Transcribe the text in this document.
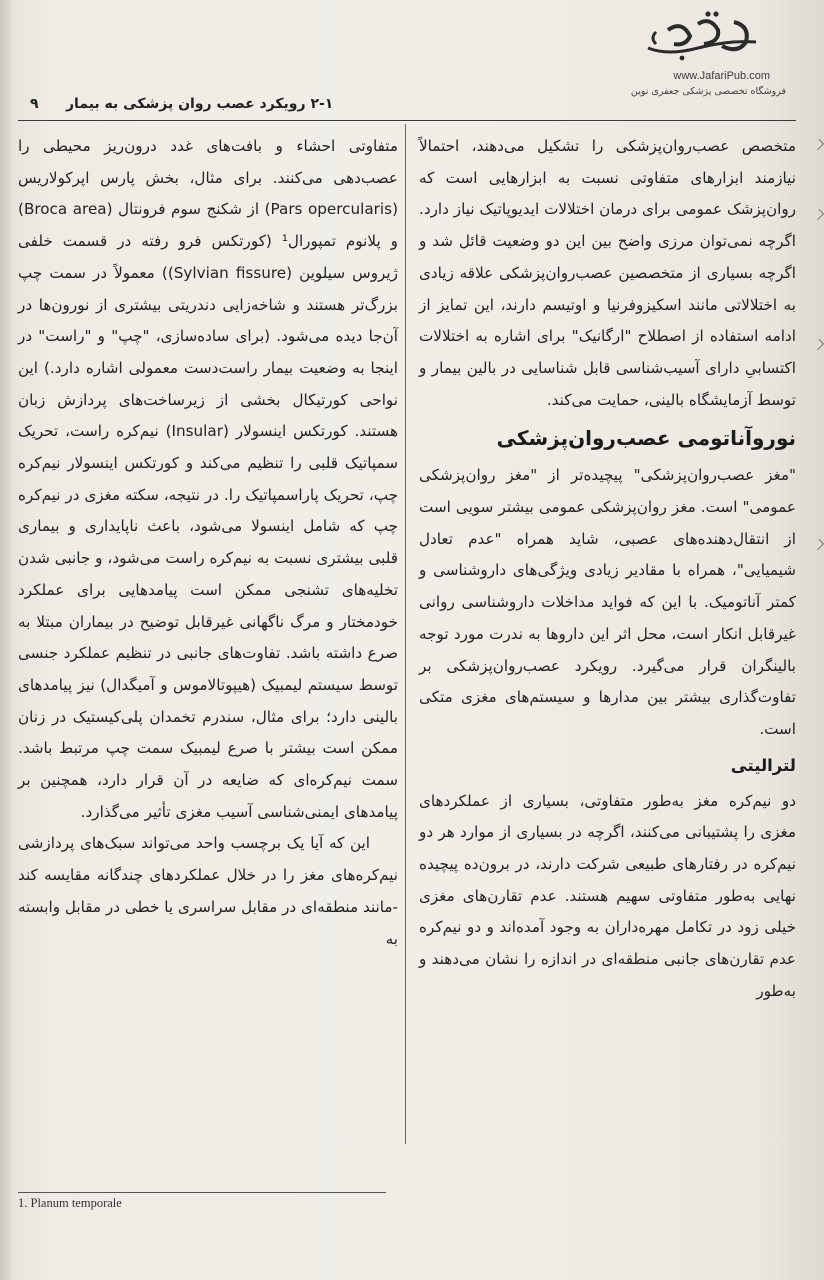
www.JafariPub.com
فروشگاه تخصصی پزشکی جعفری نوین
۹ ۲-۱ رویکرد عصب روان پزشکی به بیمار

متخصص عصب‌روان‌پزشکی را تشکیل می‌دهند، احتمالاً نیازمند ابزارهای متفاوتی نسبت به ابزارهایی است که روان‌پزشک عمومی برای درمان اختلالات ایدیوپاتیک نیاز دارد. اگرچه نمی‌توان مرزی واضح بین این دو وضعیت قائل شد و اگرچه بسیاری از متخصصین عصب‌روان‌پزشکی علاقه زیادی به اختلالاتی مانند اسکیزوفرنیا و اوتیسم دارند، این تمایز از ادامه استفاده از اصطلاح "ارگانیک" برای اشاره به اختلالات اکتسابیِ دارای آسیب‌شناسی قابل شناسایی در بالین بیمار و توسط آزمایشگاه بالینی، حمایت می‌کند.

نوروآناتومی عصب‌روان‌پزشکی

"مغز عصب‌روان‌پزشکی" پیچیده‌تر از "مغز روان‌پزشکی عمومی" است. مغز روان‌پزشکی عمومی بیشتر سویی است از انتقال‌دهنده‌های عصبی، شاید همراه "عدم تعادل شیمیایی"، همراه با مقادیر زیادی ویژگی‌های داروشناسی و کمتر آناتومیک. با این که فواید مداخلات داروشناسی روانی غیرقابل انکار است، محل اثر این داروها به ندرت مورد توجه بالینگران قرار می‌گیرد. رویکرد عصب‌روان‌پزشکی بر تفاوت‌گذاری بیشتر بین مدارها و سیستم‌های مغزی متکی است.

لترالیتی

دو نیم‌کره مغز به‌طور متفاوتی، بسیاری از عملکردهای مغزی را پشتیبانی می‌کنند، اگرچه در بسیاری از موارد هر دو نیم‌کره در رفتارهای طبیعی شرکت دارند، در برون‌ده پیچیده نهایی به‌طور متفاوتی سهیم هستند. عدم تقارن‌های مغزی خیلی زود در تکامل مهره‌داران به وجود آمده‌اند و دو نیم‌کره عدم تقارن‌های جانبی منطقه‌ای در اندازه را نشان می‌دهند و به‌طور

متفاوتی احشاء و بافت‌های غدد درون‌ریز محیطی را عصب‌دهی می‌کنند. برای مثال، بخش پارس اپرکولاریس (Pars opercularis) از شکنج سوم فرونتال (Broca area) و پلانوم تمپورال¹ (کورتکس فرو رفته در قسمت خلفی ژیروس سیلوین (Sylvian fissure)) معمولاً در سمت چپ بزرگ‌تر هستند و شاخه‌زایی دندریتی بیشتری از نورون‌ها در آن‌جا دیده می‌شود. (برای ساده‌سازی، "چپ" و "راست" در اینجا به وضعیت بیمار راست‌دست معمولی اشاره دارد.) این نواحی کورتیکال بخشی از زیرساخت‌های پردازش زبان هستند. کورتکس اینسولار (Insular) نیم‌کره راست، تحریک سمپاتیک قلبی را تنظیم می‌کند و کورتکس اینسولار نیم‌کره چپ، تحریک پاراسمپاتیک را. در نتیجه، سکته مغزی در نیم‌کره چپ که شامل اینسولا می‌شود، باعث ناپایداری و بیماری قلبی بیشتری نسبت به نیم‌کره راست می‌شود، و جانبی شدن تخلیه‌های تشنجی ممکن است پیامدهایی برای عملکرد خودمختار و مرگ ناگهانی غیرقابل توضیح در بیماران مبتلا به صرع داشته باشد. تفاوت‌های جانبی در تنظیم عملکرد جنسی توسط سیستم لیمبیک (هیپوتالاموس و آمیگدال) نیز پیامدهای بالینی دارد؛ برای مثال، سندرم تخمدان پلی‌کیستیک در زنان ممکن است بیشتر با صرع لیمبیک سمت چپ مرتبط باشد. سمت نیم‌کره‌ای که ضایعه در آن قرار دارد، همچنین بر پیامدهای ایمنی‌شناسی آسیب مغزی تأثیر می‌گذارد.

این که آیا یک برچسب واحد می‌تواند سبک‌های پردازشی نیم‌کره‌های مغز را در خلال عملکردهای چندگانه مقایسه کند -مانند منطقه‌ای در مقابل سراسری یا خطی در مقابل وابسته به

1. Planum temporale
